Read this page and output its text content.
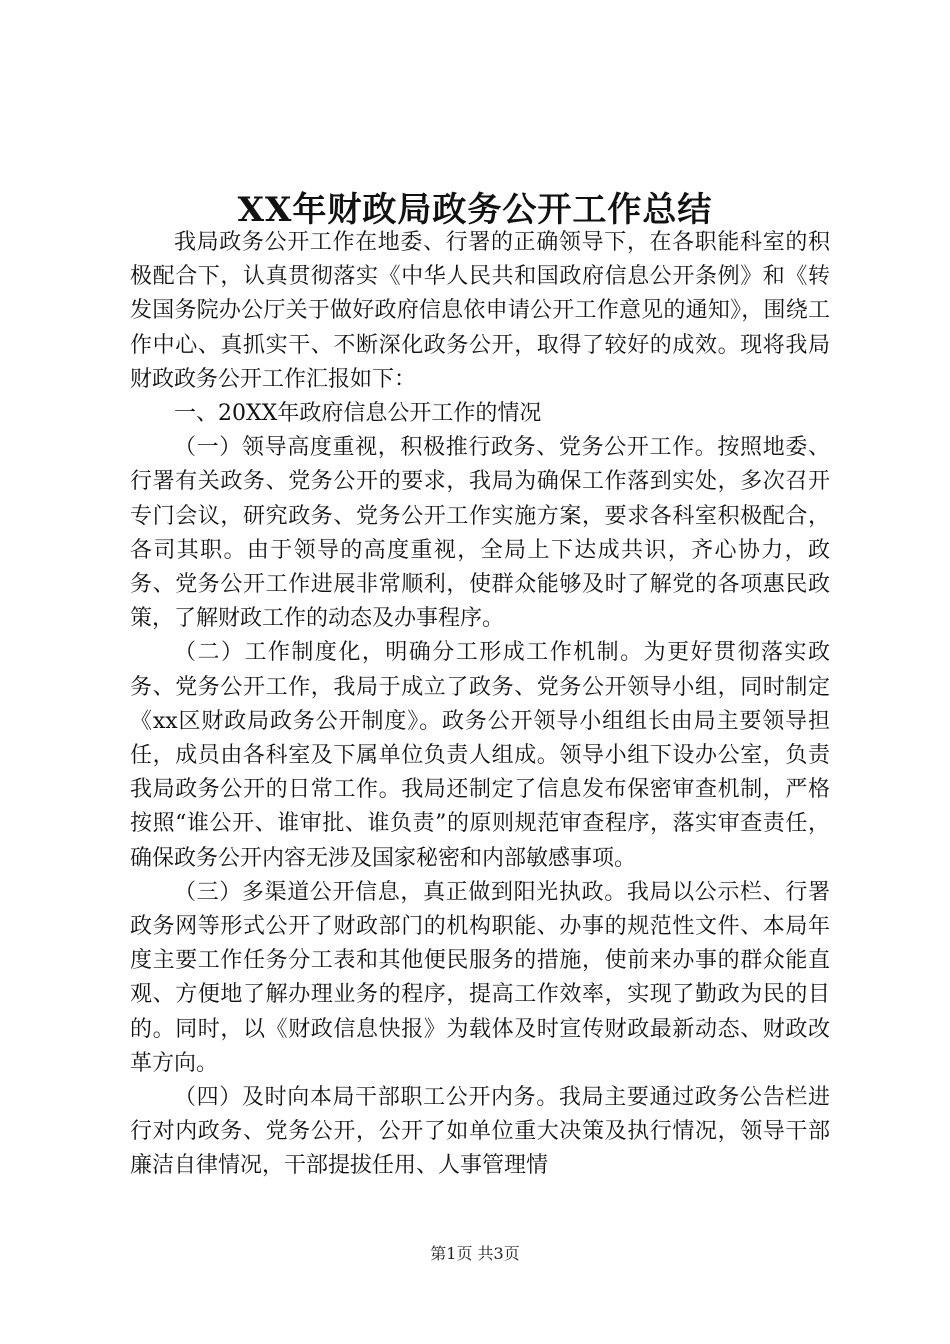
XX年财政局政务公开工作总结

我局政务公开工作在地委、行署的正确领导下，在各职能科室的积极配合下，认真贯彻落实《中华人民共和国政府信息公开条例》和《转发国务院办公厅关于做好政府信息依申请公开工作意见的通知》，围绕工作中心、真抓实干、不断深化政务公开，取得了较好的成效。现将我局财政政务公开工作汇报如下：

一、20XX年政府信息公开工作的情况

（一）领导高度重视，积极推行政务、党务公开工作。按照地委、行署有关政务、党务公开的要求，我局为确保工作落到实处，多次召开专门会议，研究政务、党务公开工作实施方案，要求各科室积极配合，各司其职。由于领导的高度重视，全局上下达成共识，齐心协力，政务、党务公开工作进展非常顺利，使群众能够及时了解党的各项惠民政策，了解财政工作的动态及办事程序。

（二）工作制度化，明确分工形成工作机制。为更好贯彻落实政务、党务公开工作，我局于成立了政务、党务公开领导小组，同时制定《xx区财政局政务公开制度》。政务公开领导小组组长由局主要领导担任，成员由各科室及下属单位负责人组成。领导小组下设办公室，负责我局政务公开的日常工作。我局还制定了信息发布保密审查机制，严格按照“谁公开、谁审批、谁负责”的原则规范审查程序，落实审查责任，确保政务公开内容无涉及国家秘密和内部敏感事项。

（三）多渠道公开信息，真正做到阳光执政。我局以公示栏、行署政务网等形式公开了财政部门的机构职能、办事的规范性文件、本局年度主要工作任务分工表和其他便民服务的措施，使前来办事的群众能直观、方便地了解办理业务的程序，提高工作效率，实现了勤政为民的目的。同时，以《财政信息快报》为载体及时宣传财政最新动态、财政改革方向。

（四）及时向本局干部职工公开内务。我局主要通过政务公告栏进行对内政务、党务公开，公开了如单位重大决策及执行情况，领导干部廉洁自律情况，干部提拔任用、人事管理情

第1页 共3页
